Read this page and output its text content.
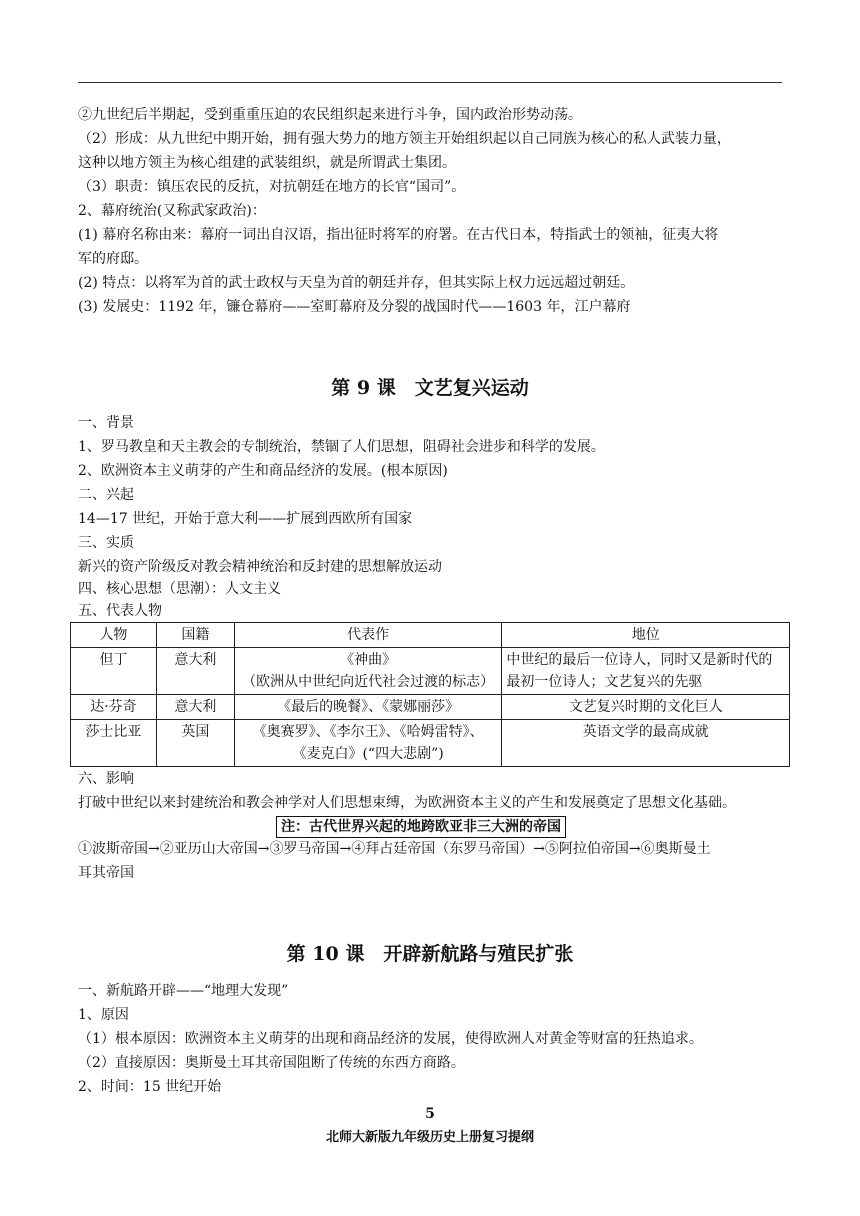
②九世纪后半期起，受到重重压迫的农民组织起来进行斗争，国内政治形势动荡。
（2）形成：从九世纪中期开始，拥有强大势力的地方领主开始组织起以自己同族为核心的私人武装力量，
这种以地方领主为核心组建的武装组织，就是所谓武士集团。
（3）职责：镇压农民的反抗，对抗朝廷在地方的长官“国司”。
2、幕府统治(又称武家政治)：
(1) 幕府名称由来：幕府一词出自汉语，指出征时将军的府署。在古代日本，特指武士的领袖，征夷大将
军的府邸。
(2) 特点：以将军为首的武士政权与天皇为首的朝廷并存，但其实际上权力远远超过朝廷。
(3) 发展史：1192 年，镰仓幕府——室町幕府及分裂的战国时代——1603 年，江户幕府
第 9 课　文艺复兴运动
一、背景
1、罗马教皇和天主教会的专制统治，禁锢了人们思想，阻碍社会进步和科学的发展。
2、欧洲资本主义萌芽的产生和商品经济的发展。(根本原因)
二、兴起
14—17 世纪，开始于意大利——扩展到西欧所有国家
三、实质
新兴的资产阶级反对教会精神统治和反封建的思想解放运动
四、核心思想（思潮）：人文主义
五、代表人物
人物	国籍	代表作	地位
但丁	意大利	《神曲》
（欧洲从中世纪向近代社会过渡的标志）	中世纪的最后一位诗人，同时又是新时代的最初一位诗人；文艺复兴的先驱
达·芬奇	意大利	《最后的晚餐》、《蒙娜丽莎》	文艺复兴时期的文化巨人
莎士比亚	英国	《奥赛罗》、《李尔王》、《哈姆雷特》、
《麦克白》(“四大悲剧”)	英语文学的最高成就
六、影响
打破中世纪以来封建统治和教会神学对人们思想束缚，为欧洲资本主义的产生和发展奠定了思想文化基础。
注：古代世界兴起的地跨欧亚非三大洲的帝国
①波斯帝国→②亚历山大帝国→③罗马帝国→④拜占廷帝国（东罗马帝国）→⑤阿拉伯帝国→⑥奥斯曼土
耳其帝国
第 10 课　开辟新航路与殖民扩张
一、新航路开辟——“地理大发现”
1、原因
（1）根本原因：欧洲资本主义萌芽的出现和商品经济的发展，使得欧洲人对黄金等财富的狂热追求。
（2）直接原因：奥斯曼土耳其帝国阻断了传统的东西方商路。
2、时间：15 世纪开始
5
北师大新版九年级历史上册复习提纲
